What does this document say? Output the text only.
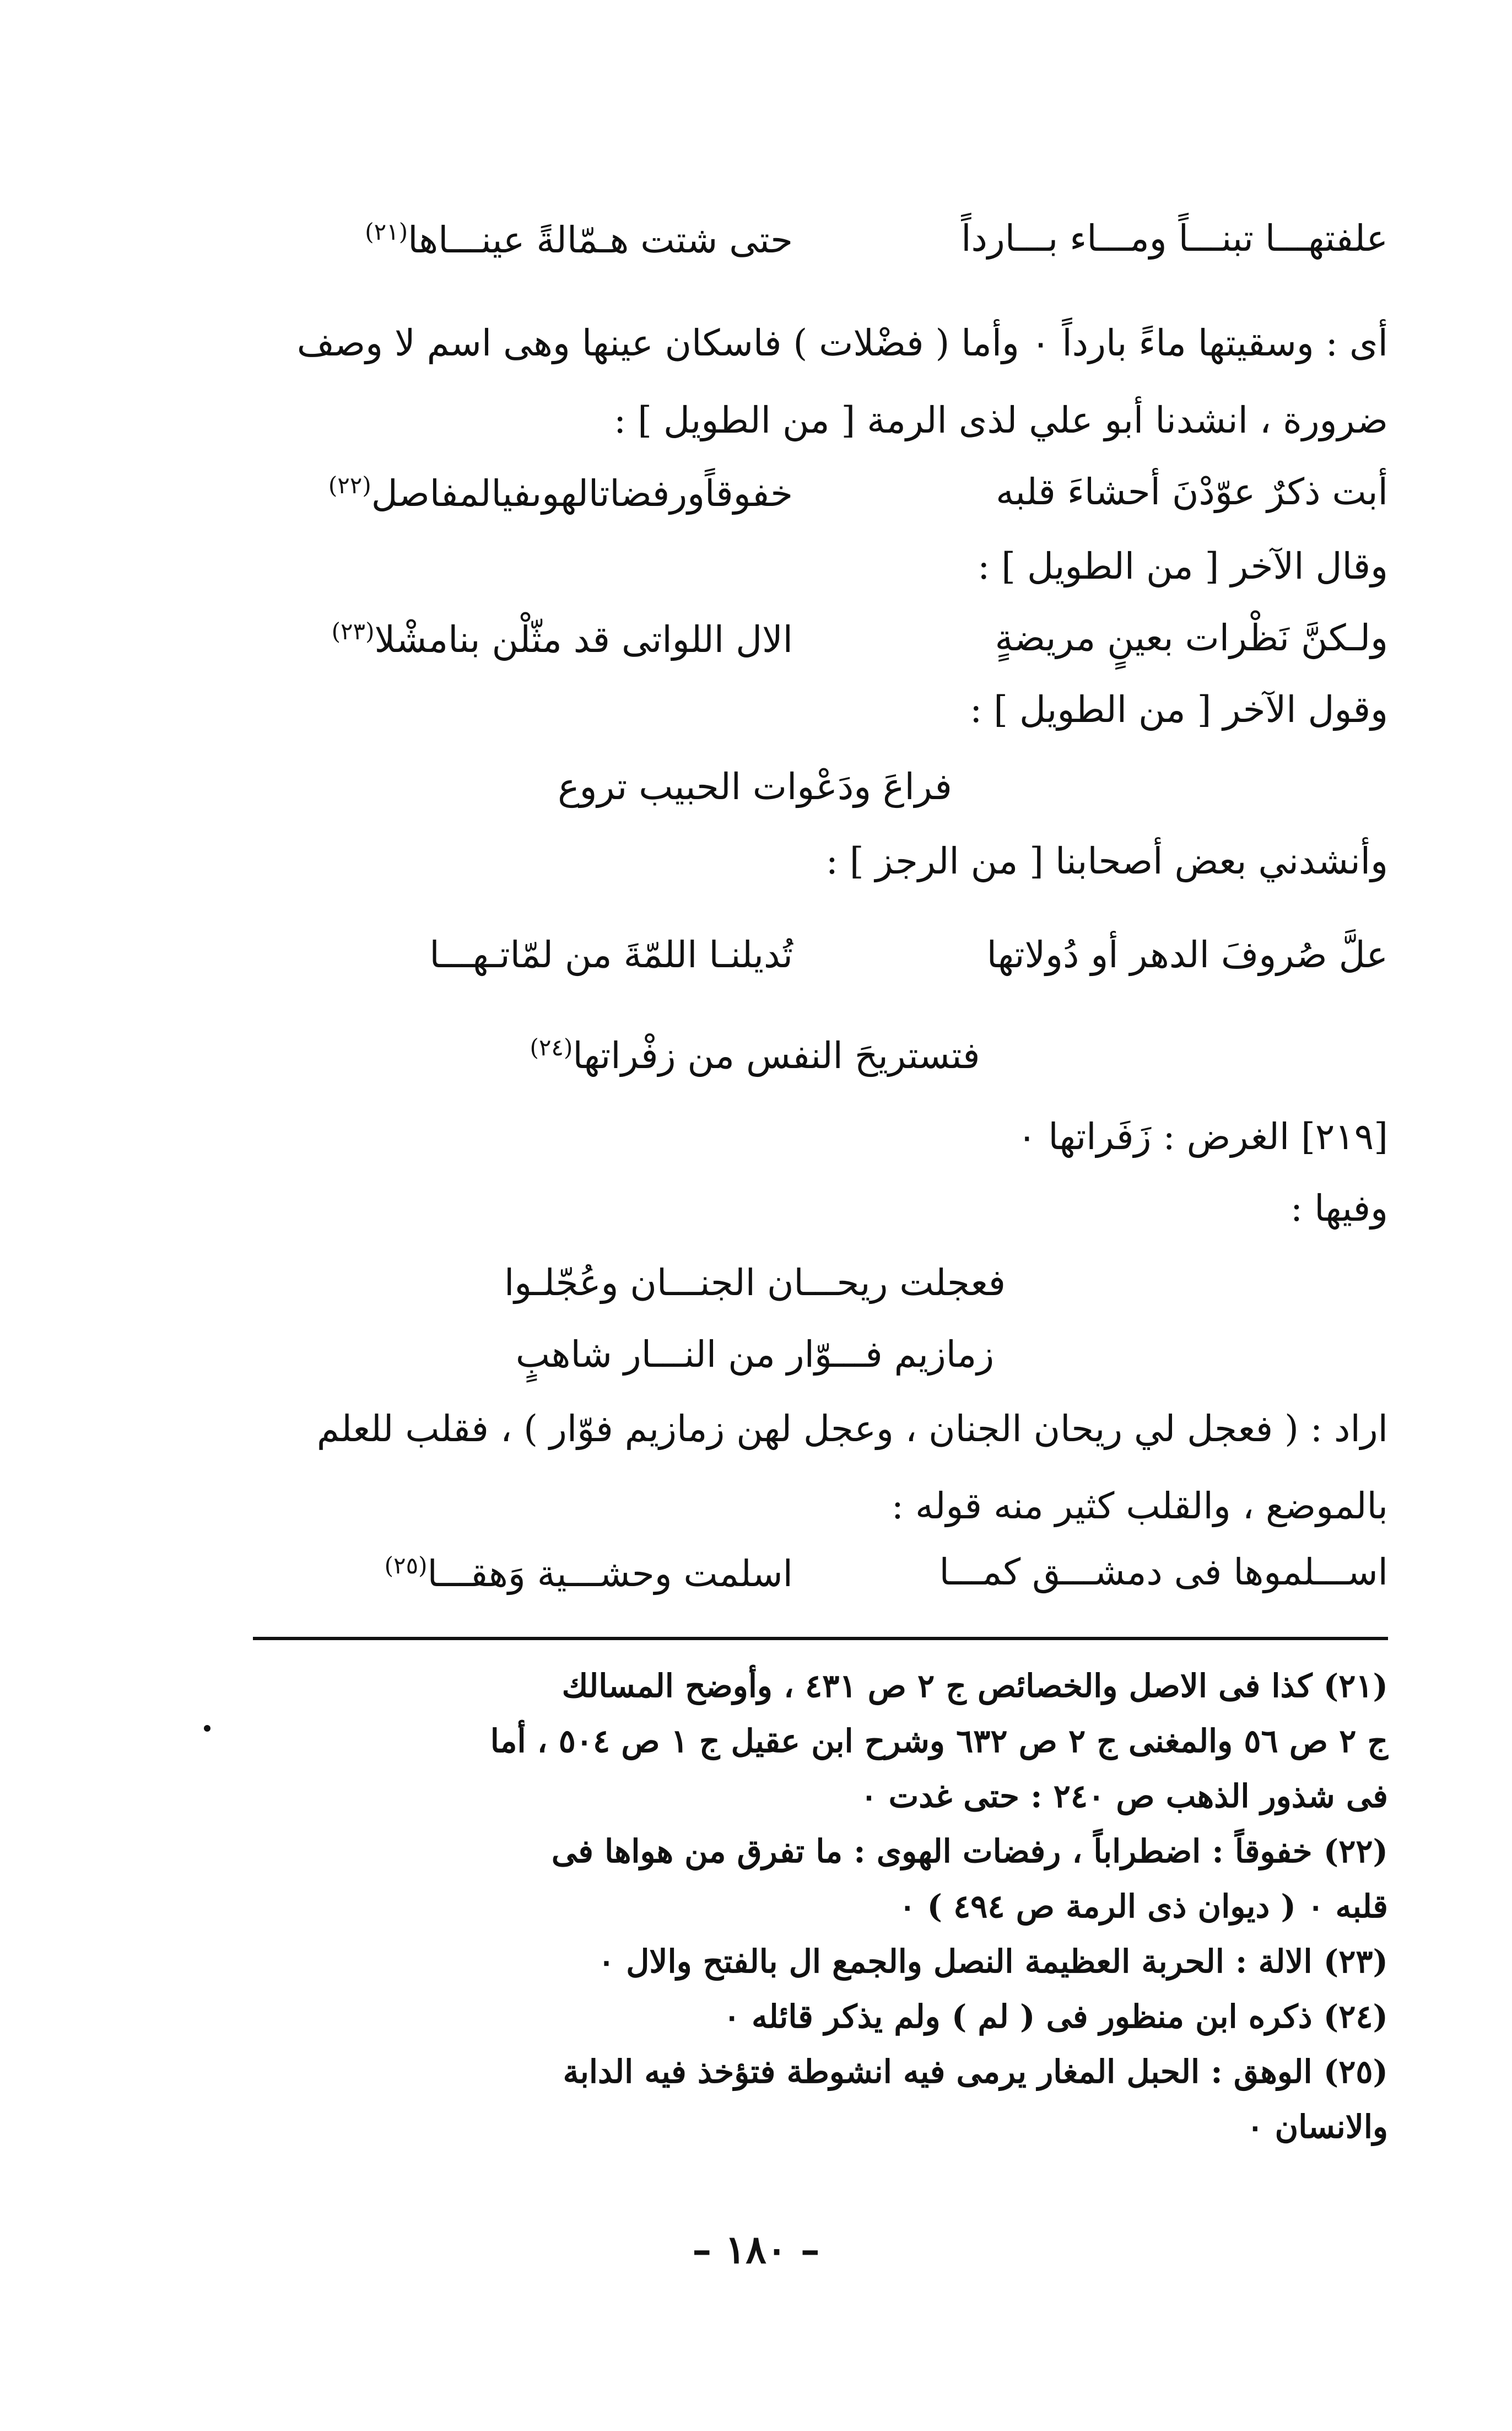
علفتهـــا تبنـــاً ومـــاء بـــارداً
حتى شتت هـمّالةً عينـــاها$^{(٢١)}$
أى : وسقيتها ماءً بارداً ٠ وأما ( فضْلات ) فاسكان عينها وهى اسم لا وصف
ضرورة ، انشدنا أبو علي لذى الرمة [ من الطويل ] :
أبت ذكرٌ عوّدْنَ أحشاءَ قلبه
خفوقاًورفضاتالهوىفيالمفاصل$^{(٢٢)}$
وقال الآخر [ من الطويل ] :
ولـكنَّ نَظْرات بعينٍ مريضةٍ
الال اللواتى قد مثّلْن بنامشْلا$^{(٢٣)}$
وقول الآخر [ من الطويل ] :
فراعَ ودَعْوات الحبيب تروع
وأنشدني بعض أصحابنا [ من الرجز ] :
علَّ صُروفَ الدهر أو دُولاتها
تُديلنـا اللمّةَ من لمّاتـهـــا
فتستريحَ النفس من زفْراتها$^{(٢٤)}$
[٢١٩] الغرض : زَفَراتها ٠
وفيها :
فعجلت ريحـــان الجنـــان وعُجّلـوا
زمازيم فـــوّار من النـــار شاهبٍ
اراد : ( فعجل لي ريحان الجنان ، وعجل لهن زمازيم فوّار ) ، فقلب للعلم
بالموضع ، والقلب كثير منه قوله :
اســـلموها فى دمشـــق كمـــا
اسلمت وحشـــية وَهقـــا$^{(٢٥)}$
(٢١) كذا فى الاصل والخصائص ج ٢ ص ٤٣١ ، وأوضح المسالك
ج ٢ ص ٥٦ والمغنى ج ٢ ص ٦٣٢ وشرح ابن عقيل ج ١ ص ٥٠٤ ، أما
فى شذور الذهب ص ٢٤٠ : حتى غدت ٠
(٢٢) خفوقاً : اضطراباً ، رفضات الهوى : ما تفرق من هواها فى
قلبه ٠ ( ديوان ذى الرمة ص ٤٩٤ ) ٠
(٢٣) الالة : الحربة العظيمة النصل والجمع ال بالفتح والال ٠
(٢٤) ذكره ابن منظور فى ( لم ) ولم يذكر قائله ٠
(٢٥) الوهق : الحبل المغار يرمى فيه انشوطة فتؤخذ فيه الدابة
والانسان ٠
– ١٨٠ –
